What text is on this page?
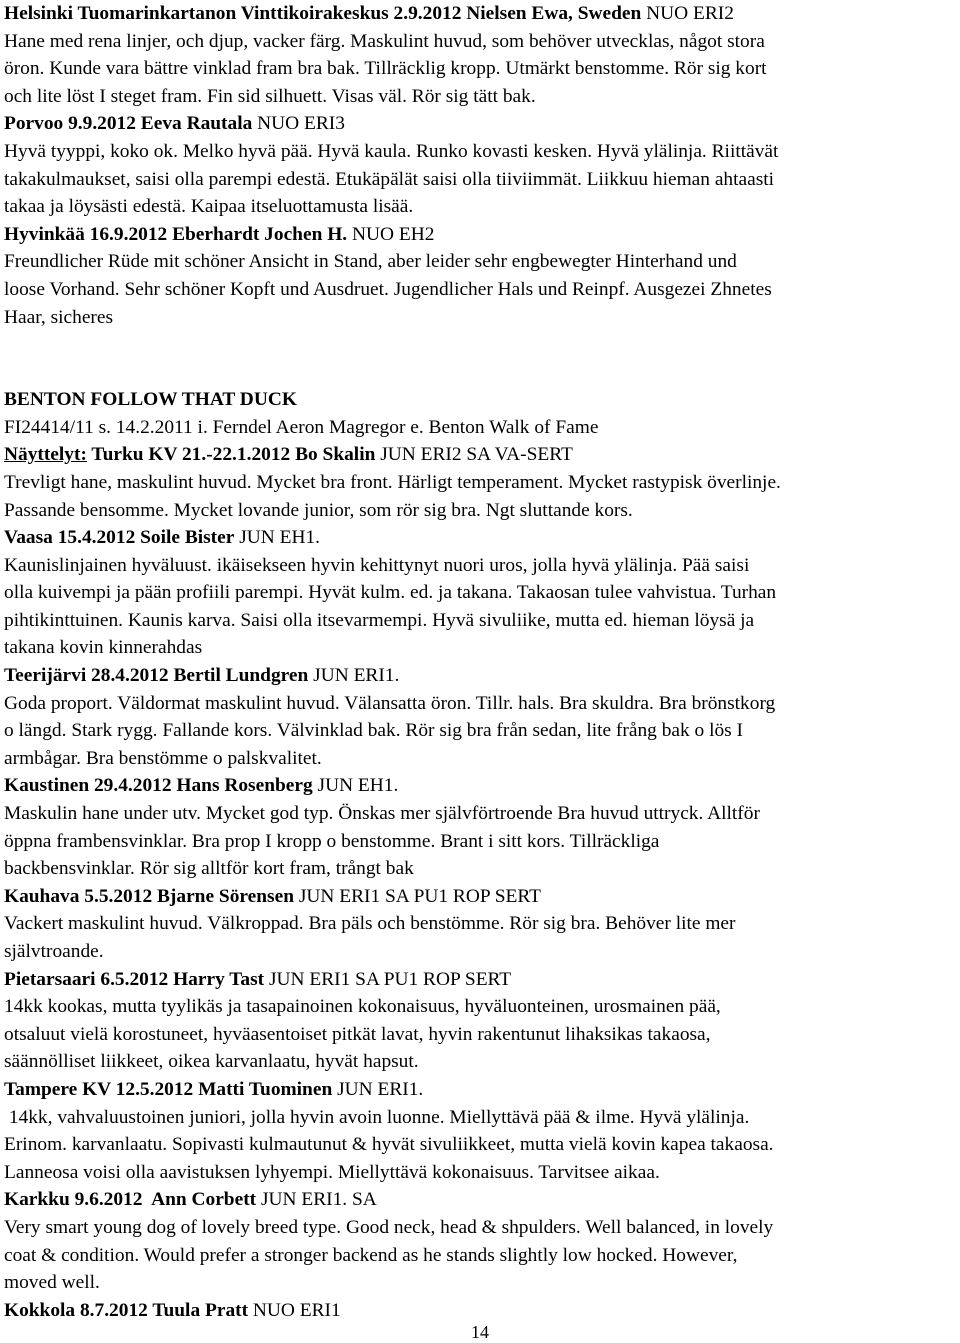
Helsinki Tuomarinkartanon Vinttikoirakeskus 2.9.2012 Nielsen Ewa, Sweden NUO ERI2

Hane med rena linjer, och djup, vacker färg. Maskulint huvud, som behöver utvecklas, något stora

öron. Kunde vara bättre vinklad fram bra bak. Tillräcklig kropp. Utmärkt benstomme. Rör sig kort

och lite löst I steget fram. Fin sid silhuett. Visas väl. Rör sig tätt bak.

Porvoo 9.9.2012 Eeva Rautala NUO ERI3

Hyvä tyyppi, koko ok. Melko hyvä pää. Hyvä kaula. Runko kovasti kesken. Hyvä ylälinja. Riittävät

takakulmaukset, saisi olla parempi edestä. Etukäpälät saisi olla tiiviimmät. Liikkuu hieman ahtaasti

takaa ja löysästi edestä. Kaipaa itseluottamusta lisää.

Hyvinkää 16.9.2012 Eberhardt Jochen H. NUO EH2

Freundlicher Rüde mit schöner Ansicht in Stand, aber leider sehr engbewegter Hinterhand und

loose Vorhand. Sehr schöner Kopft und Ausdruet. Jugendlicher Hals und Reinpf. Ausgezei Zhnetes

Haar, sicheres

BENTON FOLLOW THAT DUCK

FI24414/11 s. 14.2.2011 i. Ferndel Aeron Magregor e. Benton Walk of Fame

Näyttelyt: Turku KV 21.-22.1.2012 Bo Skalin JUN ERI2 SA VA-SERT

Trevligt hane, maskulint huvud. Mycket bra front. Härligt temperament. Mycket rastypisk överlinje.

Passande bensomme. Mycket lovande junior, som rör sig bra. Ngt sluttande kors.

Vaasa 15.4.2012 Soile Bister JUN EH1.

Kaunislinjainen hyväluust. ikäisekseen hyvin kehittynyt nuori uros, jolla hyvä ylälinja. Pää saisi

olla kuivempi ja pään profiili parempi. Hyvät kulm. ed. ja takana. Takaosan tulee vahvistua. Turhan

pihtikinttuinen. Kaunis karva. Saisi olla itsevarmempi. Hyvä sivuliike, mutta ed. hieman löysä ja

takana kovin kinnerahdas

Teerijärvi 28.4.2012 Bertil Lundgren JUN ERI1.

Goda proport. Väldormat maskulint huvud. Välansatta öron. Tillr. hals. Bra skuldra. Bra brönstkorg

o längd. Stark rygg. Fallande kors. Välvinklad bak. Rör sig bra från sedan, lite frång bak o lös I

armbågar. Bra benstömme o palskvalitet.

Kaustinen 29.4.2012 Hans Rosenberg JUN EH1.

Maskulin hane under utv. Mycket god typ. Önskas mer självförtroende Bra huvud uttryck. Alltför

öppna frambensvinklar. Bra prop I kropp o benstomme. Brant i sitt kors. Tillräckliga

backbensvinklar. Rör sig alltför kort fram, trångt bak

Kauhava 5.5.2012 Bjarne Sörensen JUN ERI1 SA PU1 ROP SERT

Vackert maskulint huvud. Välkroppad. Bra päls och benstömme. Rör sig bra. Behöver lite mer

självtroande.

Pietarsaari 6.5.2012 Harry Tast JUN ERI1 SA PU1 ROP SERT

14kk kookas, mutta tyylikäs ja tasapainoinen kokonaisuus, hyväluonteinen, urosmainen pää,

otsaluut vielä korostuneet, hyväasentoiset pitkät lavat, hyvin rakentunut lihaksikas takaosa,

säännölliset liikkeet, oikea karvanlaatu, hyvät hapsut.

Tampere KV 12.5.2012 Matti Tuominen JUN ERI1.

14kk, vahvaluustoinen juniori, jolla hyvin avoin luonne. Miellyttävä pää & ilme. Hyvä ylälinja.

Erinom. karvanlaatu. Sopivasti kulmautunut & hyvät sivuliikkeet, mutta vielä kovin kapea takaosa.

Lanneosa voisi olla aavistuksen lyhyempi. Miellyttävä kokonaisuus. Tarvitsee aikaa.

Karkku 9.6.2012  Ann Corbett JUN ERI1. SA

Very smart young dog of lovely breed type. Good neck, head & shpulders. Well balanced, in lovely

coat & condition. Would prefer a stronger backend as he stands slightly low hocked. However,

moved well.

Kokkola 8.7.2012 Tuula Pratt NUO ERI1

14
